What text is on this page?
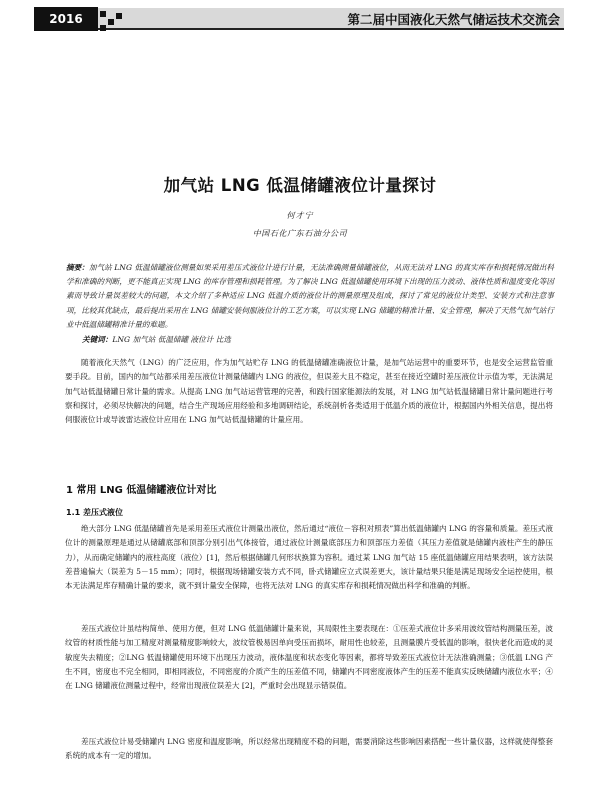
2016	第二届中国液化天然气储运技术交流会
加气站 LNG 低温储罐液位计量探讨
何才宁
中国石化广东石油分公司
摘要：加气站 LNG 低温储罐液位测量如果采用差压式液位计进行计量，无法准确测量储罐液位，从而无法对 LNG 的真实库存和损耗情况做出科学和准确的判断，更不能真正实现 LNG 的库存管理和损耗管理。为了解决 LNG 低温储罐使用环境下出现的压力波动、液体性质和温度变化等因素而导致计量误差较大的问题，本文介绍了多种适应 LNG 低温介质的液位计的测量原理及组成，探讨了常见的液位计类型、安装方式和注意事项，比较其优缺点，最后提出采用在 LNG 储罐安装伺服液位计的工艺方案，可以实现 LNG 储罐的精准计量、安全管理，解决了天然气加气站行业中低温储罐精准计量的难题。
关键词：LNG 加气站 低温储罐 液位计 比选
随着液化天然气（LNG）的广泛应用，作为加气站贮存 LNG 的低温储罐准确液位计量，是加气站运营中的重要环节，也是安全运营监管重要手段。目前，国内的加气站都采用差压液位计测量储罐内 LNG 的液位，但误差大且不稳定，甚至在接近空罐时差压液位计示值为零，无法满足加气站低温储罐日常计量的需求。从提高 LNG 加气站运营管理的完善，和践行国家能源法的发展，对 LNG 加气站低温储罐日常计量问题进行考察和探讨，必须尽快解决的问题，结合生产现场应用经验和多地调研结论，系统剖析各类适用于低温介质的液位计，根据国内外相关信息，提出将伺服液位计或导波雷达液位计应用在 LNG 加气站低温储罐的计量应用。
1 常用 LNG 低温储罐液位计对比
1.1 差压式液位
绝大部分 LNG 低温储罐首先是采用差压式液位计测量出液位，然后通过“液位－容积对照表”算出低温储罐内 LNG 的容量和质量。差压式液位计的测量原理是通过从储罐底部和顶部分别引出气体接管，通过液位计测量底部压力和顶部压力差值（其压力差值就是储罐内液柱产生的静压力），从而确定储罐内的液柱高度（液位）[1]，然后根据储罐几何形状换算为容积。通过某 LNG 加气站 15 座低温储罐应用结果表明，该方法误差普遍偏大（误差为 5－15 mm）；同时，根据现场储罐安装方式不同，卧式储罐应立式误差更大，该计量结果只能是满足现场安全运控使用，根本无法满足库存精确计量的要求，就不到计量安全保障，也将无法对 LNG 的真实库存和损耗情况做出科学和准确的判断。
差压式液位计虽结构简单、使用方便，但对 LNG 低温储罐计量来说，其局限性主要表现在：①压差式液位计多采用波纹管结构测量压差，波纹管的材质性能与加工精度对测量精度影响较大，波纹管极易因单向受压而损坏，耐用性也较差，且测量膜片受低温的影响，很快老化而造成的灵敏度失去精度；②LNG 低温储罐使用环境下出现压力波动，液体温度和状态变化等因素，都将导致差压式液位计无法准确测量；③低温 LNG 产生不同，密度也不完全相同，即相同液位，不同密度的介质产生的压差值不同，储罐内不同密度液体产生的压差不能真实反映储罐内液位水平；④在 LNG 储罐液位测量过程中，经常出现液位误差大 [2]，严重时会出现显示错误值。
差压式液位计易受储罐内 LNG 密度和温度影响，所以经常出现精度不稳的问题，需要消除这些影响因素搭配一些计量仪器，这样就使得整套系统的成本有一定的增加。
